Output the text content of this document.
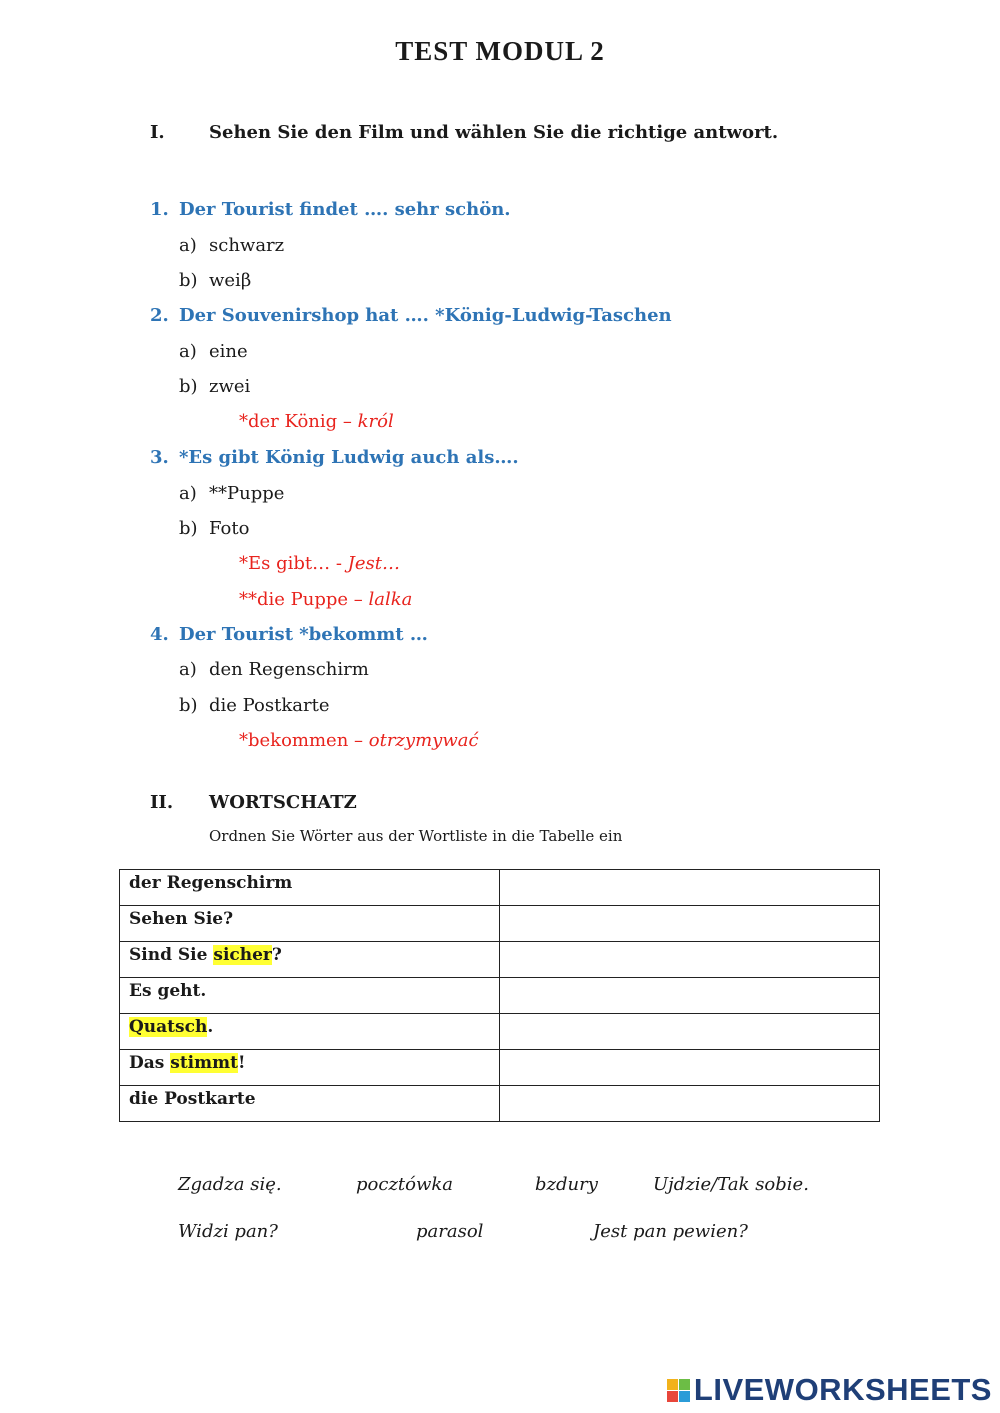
TEST MODUL 2
I. Sehen Sie den Film und wählen Sie die richtige antwort.
1. Der Tourist findet …. sehr schön.
a) schwarz
b) weiβ
2. Der Souvenirshop hat …. *König-Ludwig-Taschen
a) eine
b) zwei
*der König – król
3. *Es gibt König Ludwig auch als….
a) **Puppe
b) Foto
*Es gibt… - Jest…
**die Puppe – lalka
4. Der Tourist *bekommt …
a) den Regenschirm
b) die Postkarte
*bekommen – otrzymywać
II. WORTSCHATZ
Ordnen Sie Wörter aus der Wortliste in die Tabelle ein
der Regenschirm	
Sehen Sie?	
Sind Sie sicher?	
Es geht.	
Quatsch.	
Das stimmt!	
die Postkarte	
Zgadza się.	pocztówka	bzdury	Ujdzie/Tak sobie.
Widzi pan?	parasol	Jest pan pewien?
LIVEWORKSHEETS
